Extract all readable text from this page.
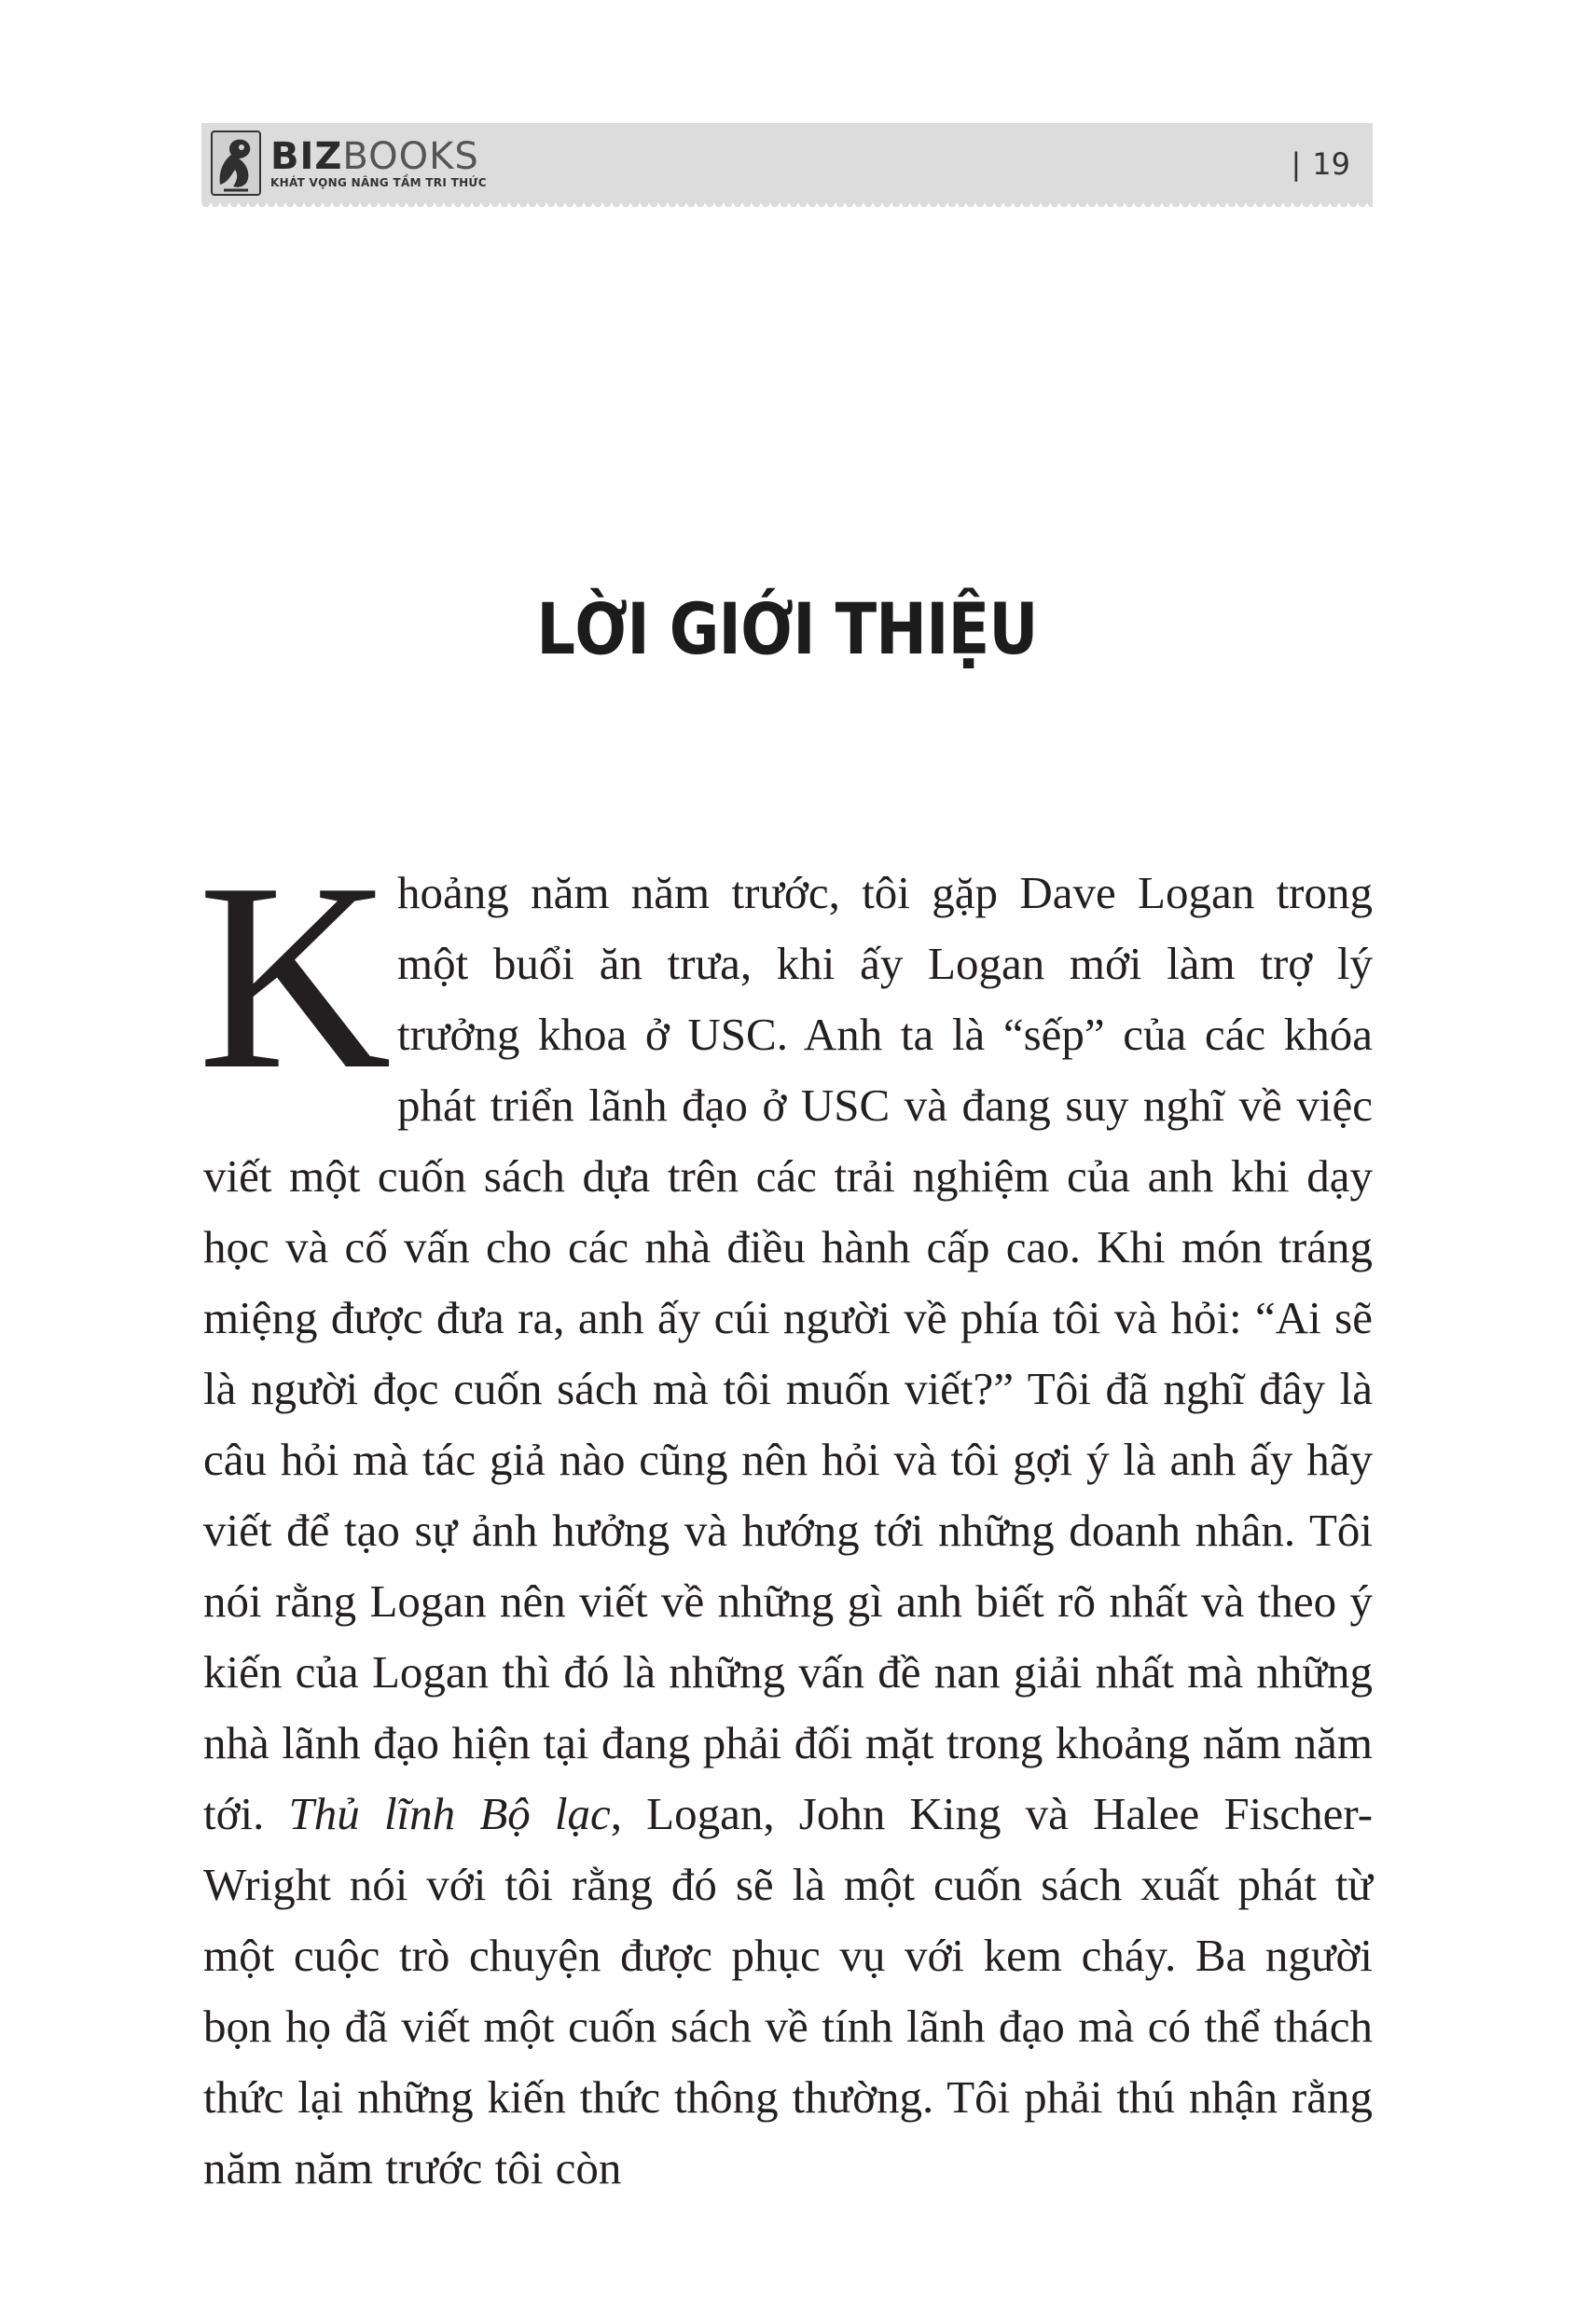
BIZBOOKS
KHÁT VỌNG NÂNG TẦM TRI THỨC
| 19
LỜI GIỚI THIỆU
Khoảng năm năm trước, tôi gặp Dave Logan trong một buổi ăn trưa, khi ấy Logan mới làm trợ lý trưởng khoa ở USC. Anh ta là “sếp” của các khóa phát triển lãnh đạo ở USC và đang suy nghĩ về việc viết một cuốn sách dựa trên các trải nghiệm của anh khi dạy học và cố vấn cho các nhà điều hành cấp cao. Khi món tráng miệng được đưa ra, anh ấy cúi người về phía tôi và hỏi: “Ai sẽ là người đọc cuốn sách mà tôi muốn viết?” Tôi đã nghĩ đây là câu hỏi mà tác giả nào cũng nên hỏi và tôi gợi ý là anh ấy hãy viết để tạo sự ảnh hưởng và hướng tới những doanh nhân. Tôi nói rằng Logan nên viết về những gì anh biết rõ nhất và theo ý kiến của Logan thì đó là những vấn đề nan giải nhất mà những nhà lãnh đạo hiện tại đang phải đối mặt trong khoảng năm năm tới. Thủ lĩnh Bộ lạc, Logan, John King và Halee Fischer-Wright nói với tôi rằng đó sẽ là một cuốn sách xuất phát từ một cuộc trò chuyện được phục vụ với kem cháy. Ba người bọn họ đã viết một cuốn sách về tính lãnh đạo mà có thể thách thức lại những kiến thức thông thường. Tôi phải thú nhận rằng năm năm trước tôi còn
